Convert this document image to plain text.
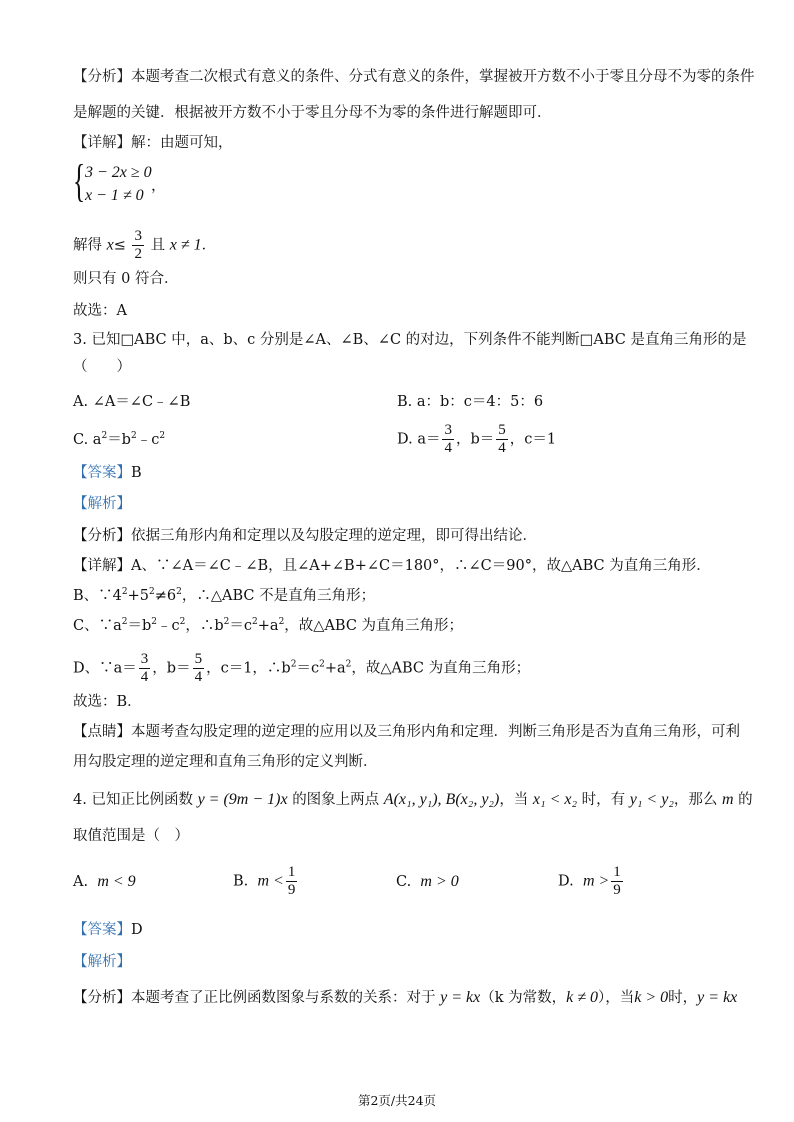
【分析】本题考查二次根式有意义的条件、分式有意义的条件，掌握被开方数不小于零且分母不为零的条件
是解题的关键．根据被开方数不小于零且分母不为零的条件进行解题即可．
【详解】解：由题可知，
{ 3 − 2x ≥ 0
x − 1 ≠ 0
，
解得 $x\le \frac{3}{2}$ 且 x ≠ 1．
则只有 0 符合．
故选：A
3. 已知□ABC 中，a、b、c 分别是∠A、∠B、∠C 的对边，下列条件不能判断□ABC 是直角三角形的是
（　　）
A. ∠A＝∠C﹣∠B	B. a：b：c＝4：5：6
C. $a^2=b^2﹣c^2$	D. $a= \frac{3}{4}$ ，$b= \frac{5}{4}$ ，c＝1
【答案】B
【解析】
【分析】依据三角形内角和定理以及勾股定理的逆定理，即可得出结论．
【详解】A、∵∠A＝∠C﹣∠B，且∠A+∠B+∠C＝180°，∴∠C＝90°，故△ABC 为直角三角形．
B、$\because 4^2+5^2\ne 6^2$，∴△ABC 不是直角三角形；
C、$\because a^2=b^2﹣c^2$，$\therefore b^2=c^2+a^2$，故△ABC 为直角三角形；
D、∵a＝ $\frac{3}{4}$ ，$b= \frac{5}{4}$ ，c＝1，$\therefore b^2=c^2+a^2$，故△ABC 为直角三角形；
故选：B．
【点睛】本题考查勾股定理的逆定理的应用以及三角形内角和定理．判断三角形是否为直角三角形，可利
用勾股定理的逆定理和直角三角形的定义判断．
4. 已知正比例函数 y = (9m − 1)x 的图象上两点 A(x₁, y₁), B(x₂, y₂)，当 x₁ < x₂ 时，有 y₁ < y₂，那么 m 的
取值范围是（　）
A. m < 9	B. $m < \frac{1}{9}$	C. m > 0	D. $m > \frac{1}{9}$
【答案】D
【解析】
【分析】本题考查了正比例函数图象与系数的关系：对于 y = kx（k 为常数，k ≠ 0），当k > 0时，y = kx
第2页/共24页
